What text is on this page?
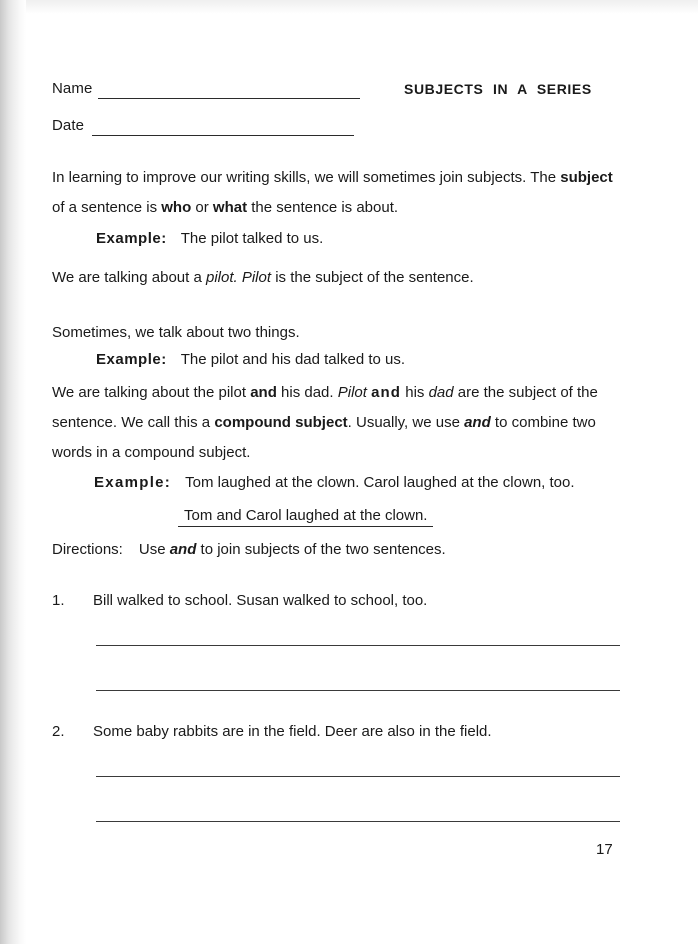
Name
Date
SUBJECTS IN A SERIES
In learning to improve our writing skills, we will sometimes join subjects. The subject of a sentence is who or what the sentence is about.
Example: The pilot talked to us.
We are talking about a pilot. Pilot is the subject of the sentence.
Sometimes, we talk about two things.
Example: The pilot and his dad talked to us.
We are talking about the pilot and his dad. Pilot and his dad are the subject of the sentence. We call this a compound subject. Usually, we use and to combine two words in a compound subject.
Example: Tom laughed at the clown. Carol laughed at the clown, too.
Tom and Carol laughed at the clown.
Directions: Use and to join subjects of the two sentences.
1. Bill walked to school. Susan walked to school, too.
2. Some baby rabbits are in the field. Deer are also in the field.
17
